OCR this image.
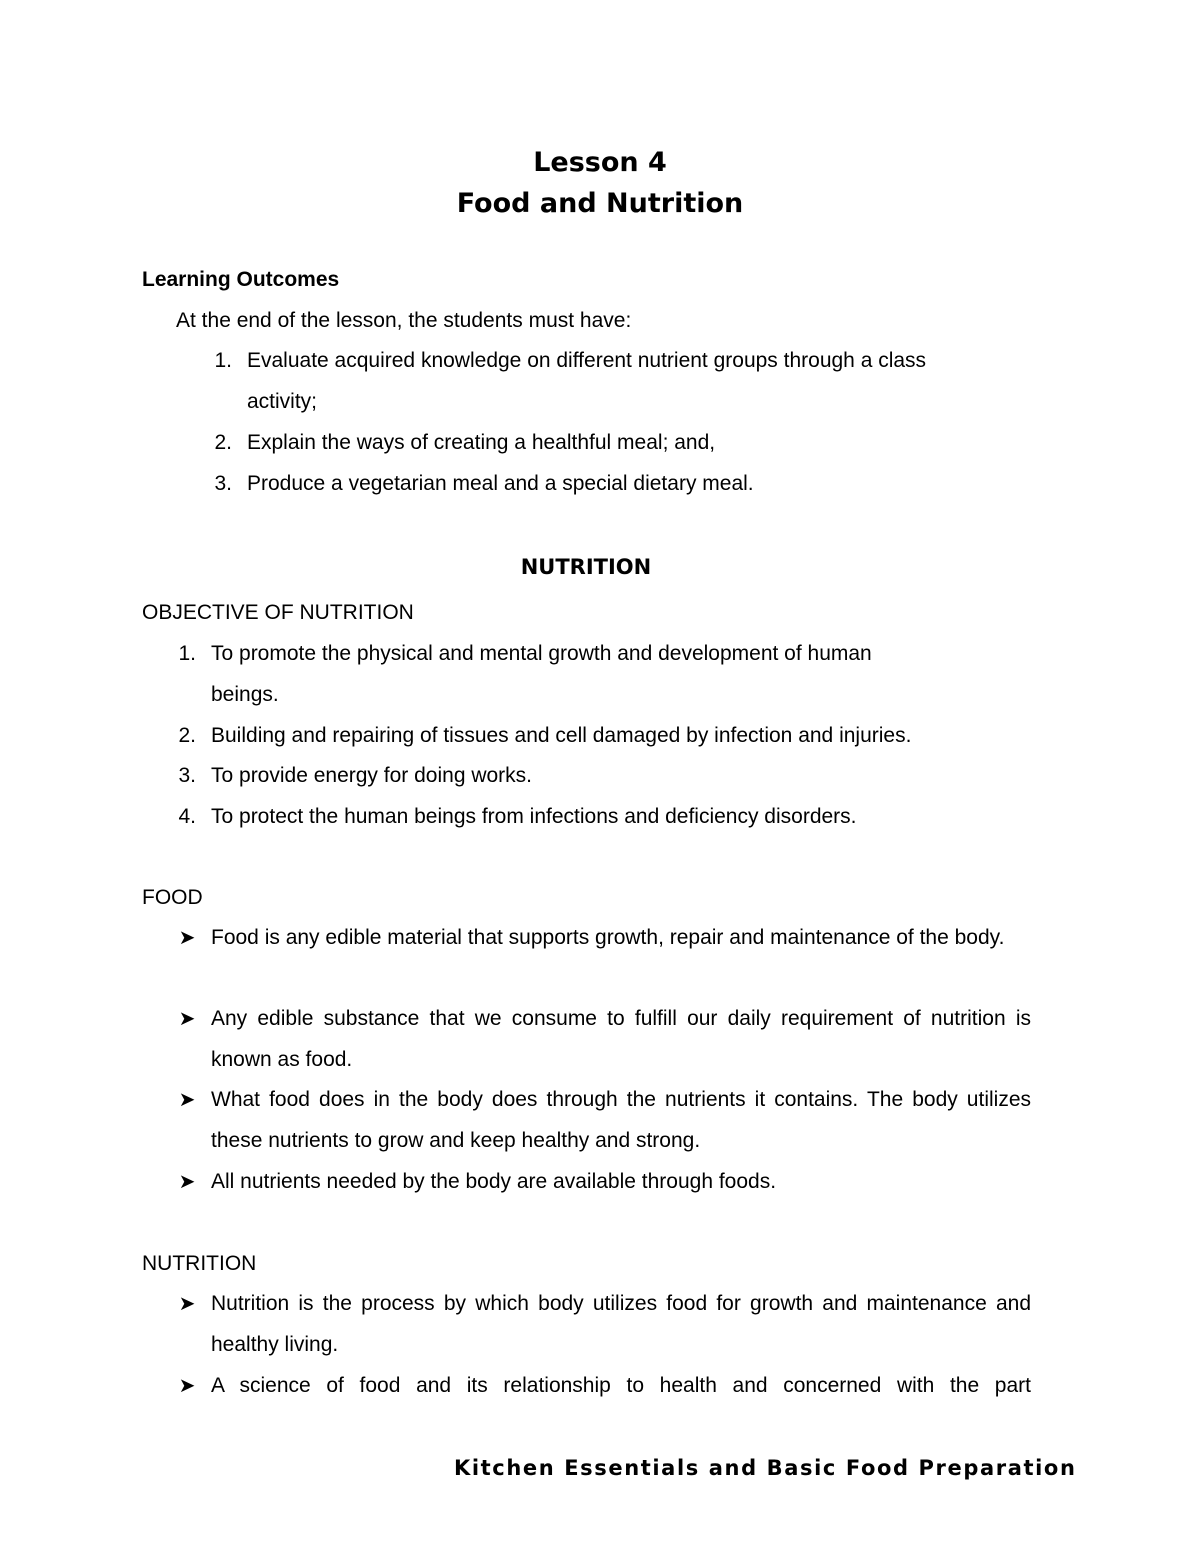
Lesson 4
Food and Nutrition
Learning Outcomes
At the end of the lesson, the students must have:
1. Evaluate acquired knowledge on different nutrient groups through a class
activity;
2. Explain the ways of creating a healthful meal; and,
3. Produce a vegetarian meal and a special dietary meal.
NUTRITION
OBJECTIVE OF NUTRITION
1. To promote the physical and mental growth and development of human
beings.
2. Building and repairing of tissues and cell damaged by infection and injuries.
3. To provide energy for doing works.
4. To protect the human beings from infections and deficiency disorders.
FOOD
➤ Food is any edible material that supports growth, repair and maintenance of the body.
➤ Any edible substance that we consume to fulfill our daily requirement of nutrition is known as food.
➤ What food does in the body does through the nutrients it contains. The body utilizes these nutrients to grow and keep healthy and strong.
➤ All nutrients needed by the body are available through foods.
NUTRITION
➤ Nutrition is the process by which body utilizes food for growth and maintenance and healthy living.
➤ A science of food and its relationship to health and concerned with the part
Kitchen Essentials and Basic Food Preparation
